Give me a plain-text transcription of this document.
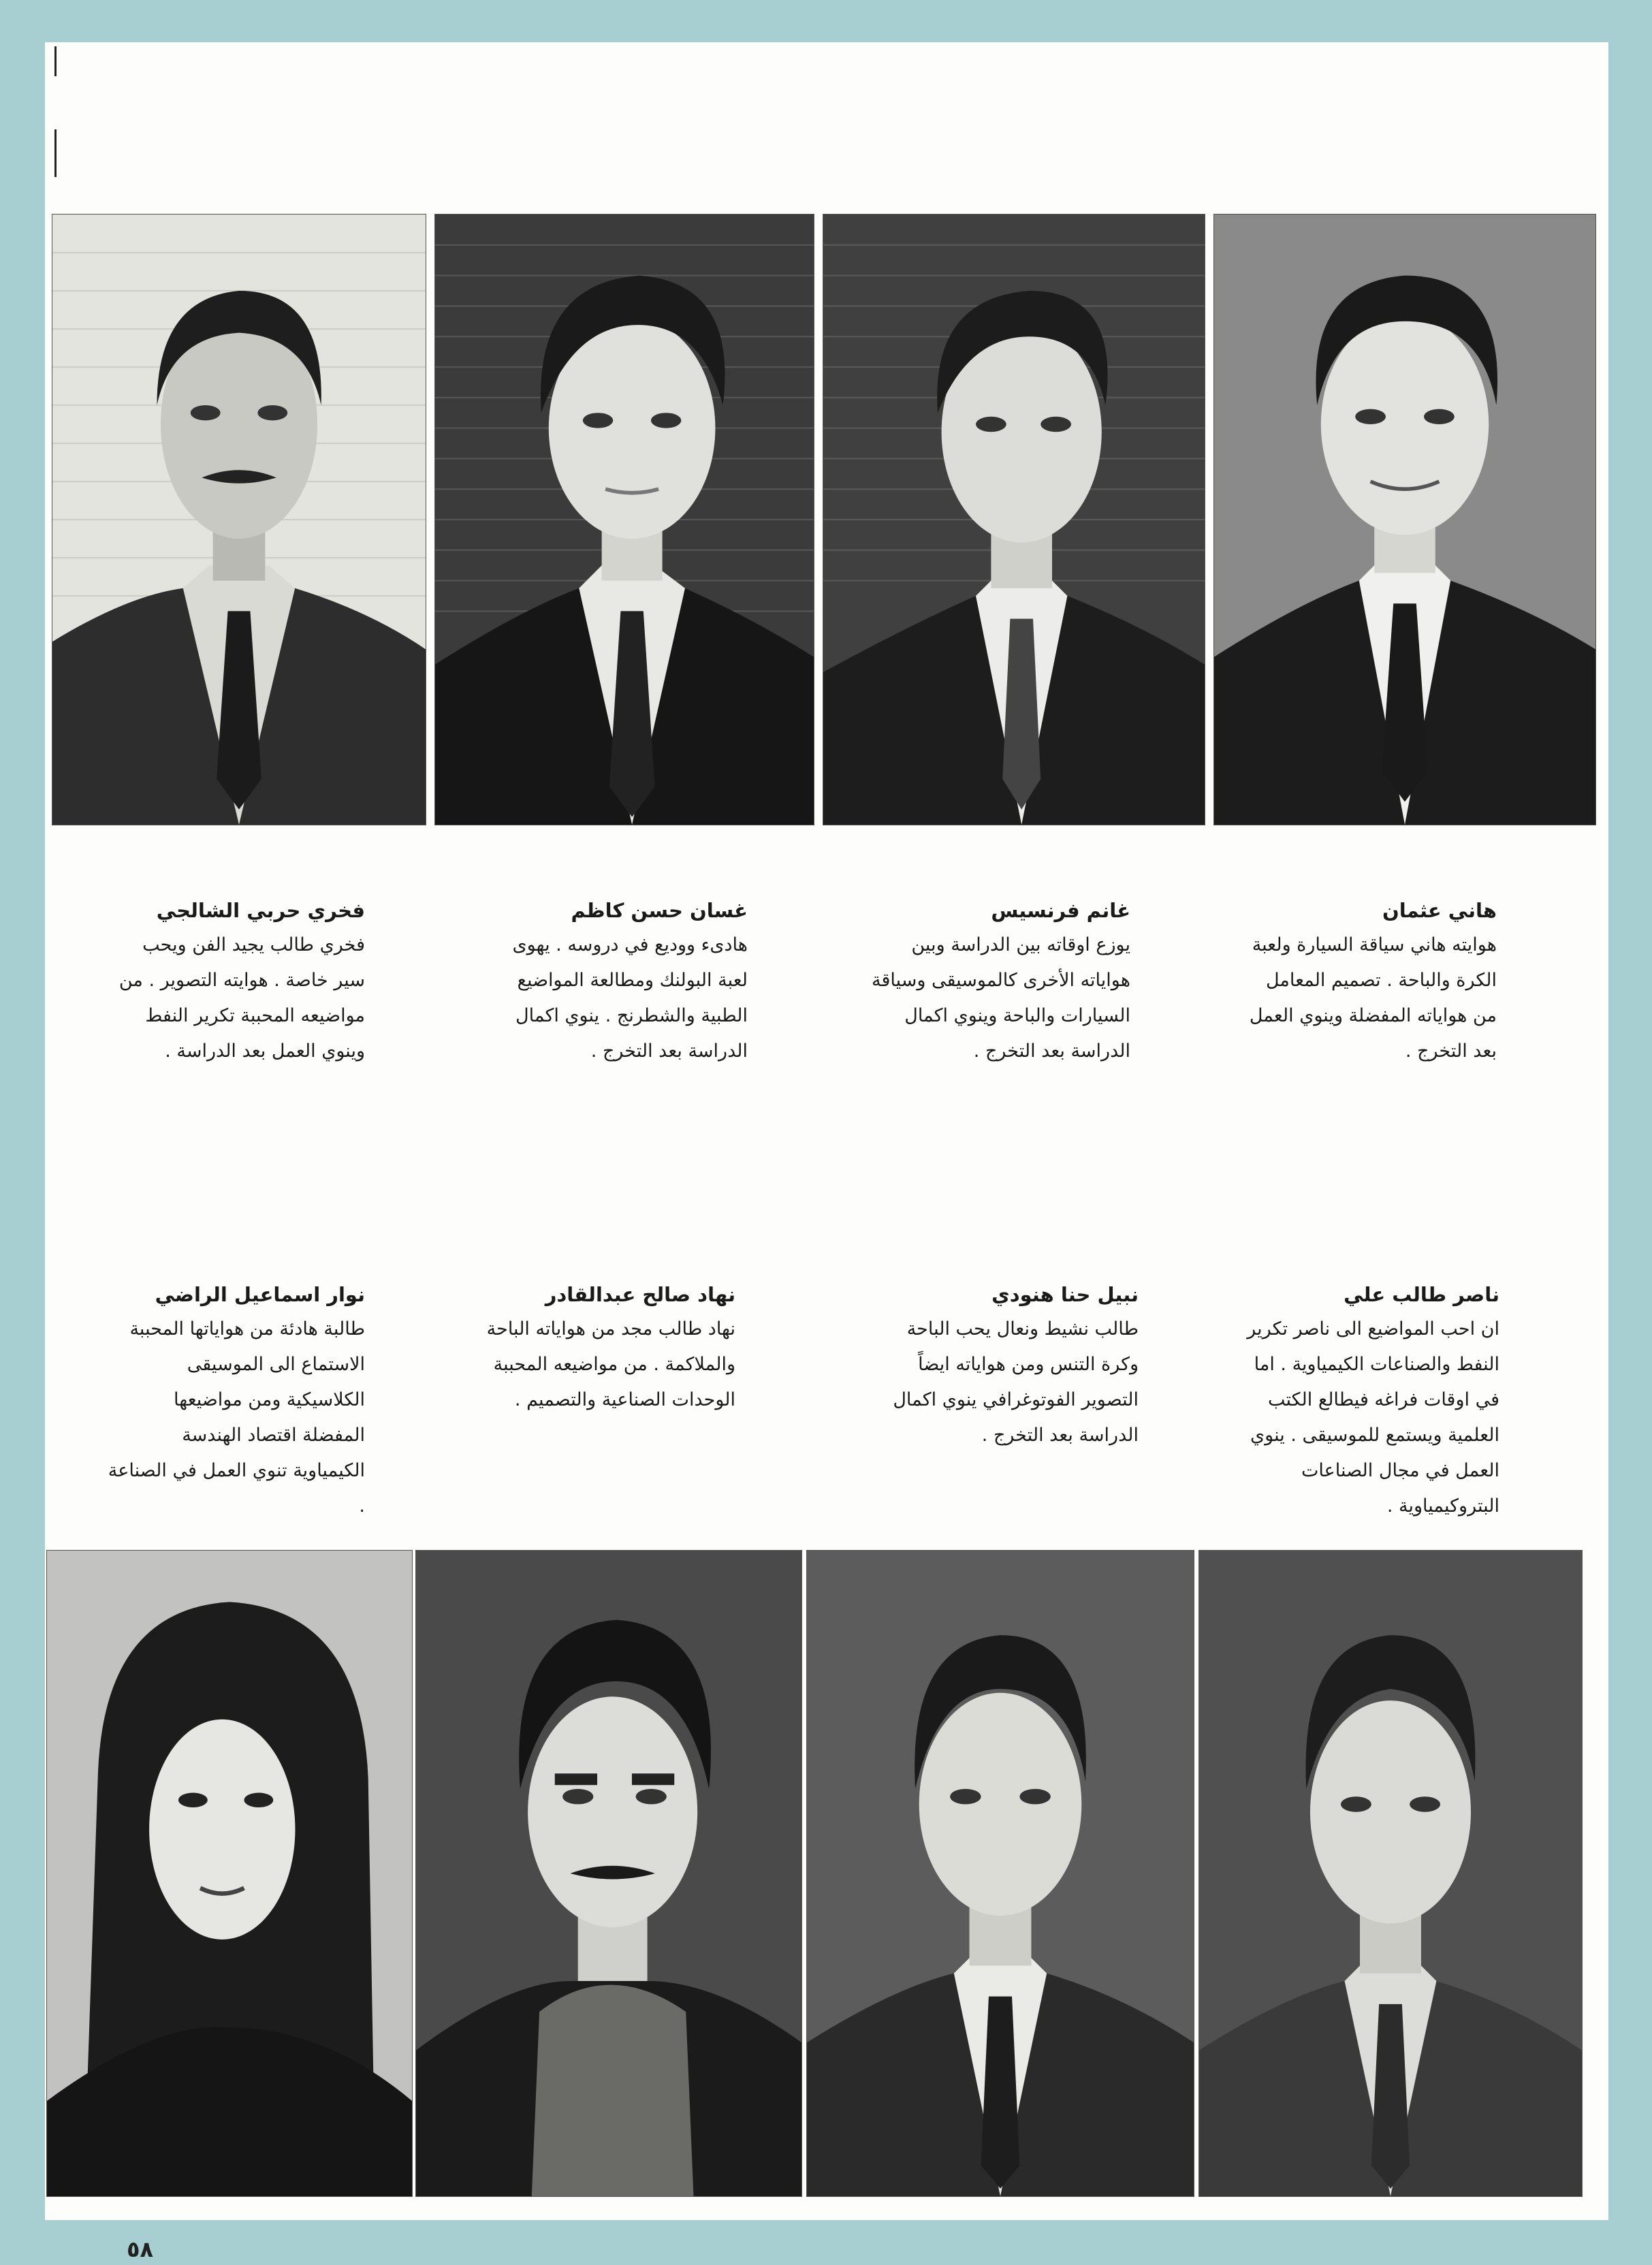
هاني عثمان
هوايته هاني سياقة السيارة ولعبة الكرة والباحة . تصميم المعامل من هواياته المفضلة وينوي العمل بعد التخرج .
غانم فرنسيس
يوزع اوقاته بين الدراسة وبين هواياته الأخرى كالموسيقى وسياقة السيارات والباحة وينوي اكمال الدراسة بعد التخرج .
غسان حسن كاظم
هادىء ووديع في دروسه . يهوى لعبة البولنك ومطالعة المواضيع الطبية والشطرنج . ينوي اكمال الدراسة بعد التخرج .
فخري حربي الشالجي
فخري طالب يجيد الفن ويحب سير خاصة . هوايته التصوير . من مواضيعه المحببة تكرير النفط وينوي العمل بعد الدراسة .
ناصر طالب علي
ان احب المواضيع الى ناصر تكرير النفط والصناعات الكيمياوية . اما في اوقات فراغه فيطالع الكتب العلمية ويستمع للموسيقى . ينوي العمل في مجال الصناعات البتروكيمياوية .
نبيل حنا هنودي
طالب نشيط ونعال يحب الباحة وكرة التنس ومن هواياته ايضاً التصوير الفوتوغرافي ينوي اكمال الدراسة بعد التخرج .
نهاد صالح عبدالقادر
نهاد طالب مجد من هواياته الباحة والملاكمة . من مواضيعه المحببة الوحدات الصناعية والتصميم .
نوار اسماعيل الراضي
طالبة هادئة من هواياتها المحببة الاستماع الى الموسيقى الكلاسيكية ومن مواضيعها المفضلة اقتصاد الهندسة الكيمياوية تنوي العمل في الصناعة .
٥٨
